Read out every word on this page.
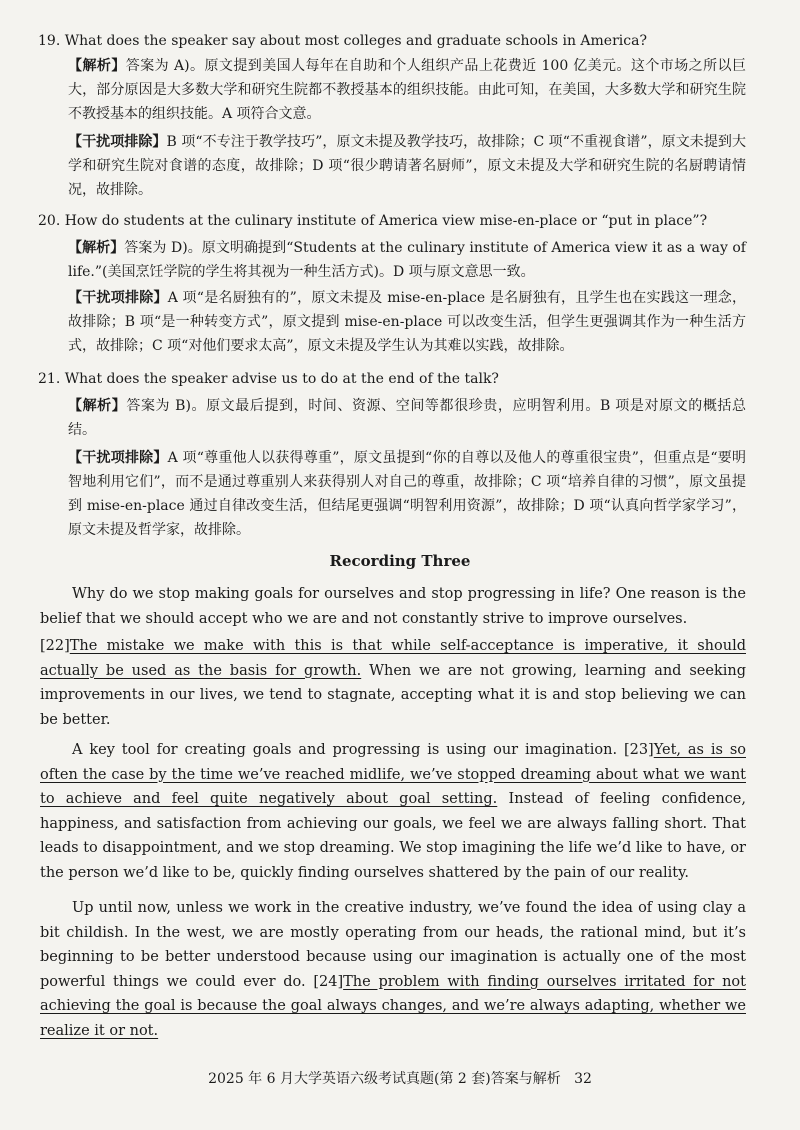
19. What does the speaker say about most colleges and graduate schools in America?
【解析】答案为 A)。原文提到美国人每年在自助和个人组织产品上花费近 100 亿美元。这个市场之所以巨大，部分原因是大多数大学和研究生院都不教授基本的组织技能。由此可知，在美国，大多数大学和研究生院不教授基本的组织技能。A 项符合文意。
【干扰项排除】B 项“不专注于教学技巧”，原文未提及教学技巧，故排除；C 项“不重视食谱”，原文未提到大学和研究生院对食谱的态度，故排除；D 项“很少聘请著名厨师”，原文未提及大学和研究生院的名厨聘请情况，故排除。
20. How do students at the culinary institute of America view mise-en-place or “put in place”?
【解析】答案为 D)。原文明确提到“Students at the culinary institute of America view it as a way of life.”(美国烹饪学院的学生将其视为一种生活方式)。D 项与原文意思一致。
【干扰项排除】A 项“是名厨独有的”，原文未提及 mise-en-place 是名厨独有，且学生也在实践这一理念，故排除；B 项“是一种转变方式”，原文提到 mise-en-place 可以改变生活，但学生更强调其作为一种生活方式，故排除；C 项“对他们要求太高”，原文未提及学生认为其难以实践，故排除。
21. What does the speaker advise us to do at the end of the talk?
【解析】答案为 B)。原文最后提到，时间、资源、空间等都很珍贵，应明智利用。B 项是对原文的概括总结。
【干扰项排除】A 项“尊重他人以获得尊重”，原文虽提到“你的自尊以及他人的尊重很宝贵”，但重点是“要明智地利用它们”，而不是通过尊重别人来获得别人对自己的尊重，故排除；C 项“培养自律的习惯”，原文虽提到 mise-en-place 通过自律改变生活，但结尾更强调“明智利用资源”，故排除；D 项“认真向哲学家学习”，原文未提及哲学家，故排除。
Recording Three
Why do we stop making goals for ourselves and stop progressing in life? One reason is the belief that we should accept who we are and not constantly strive to improve ourselves.
[22]The mistake we make with this is that while self-acceptance is imperative, it should actually be used as the basis for growth. When we are not growing, learning and seeking improvements in our lives, we tend to stagnate, accepting what it is and stop believing we can be better.
A key tool for creating goals and progressing is using our imagination. [23]Yet, as is so often the case by the time we’ve reached midlife, we’ve stopped dreaming about what we want to achieve and feel quite negatively about goal setting. Instead of feeling confidence, happiness, and satisfaction from achieving our goals, we feel we are always falling short. That leads to disappointment, and we stop dreaming. We stop imagining the life we’d like to have, or the person we’d like to be, quickly finding ourselves shattered by the pain of our reality.
Up until now, unless we work in the creative industry, we’ve found the idea of using clay a bit childish. In the west, we are mostly operating from our heads, the rational mind, but it’s beginning to be better understood because using our imagination is actually one of the most powerful things we could ever do. [24]The problem with finding ourselves irritated for not achieving the goal is because the goal always changes, and we’re always adapting, whether we realize it or not.
2025 年 6 月大学英语六级考试真题(第 2 套)答案与解析 32
